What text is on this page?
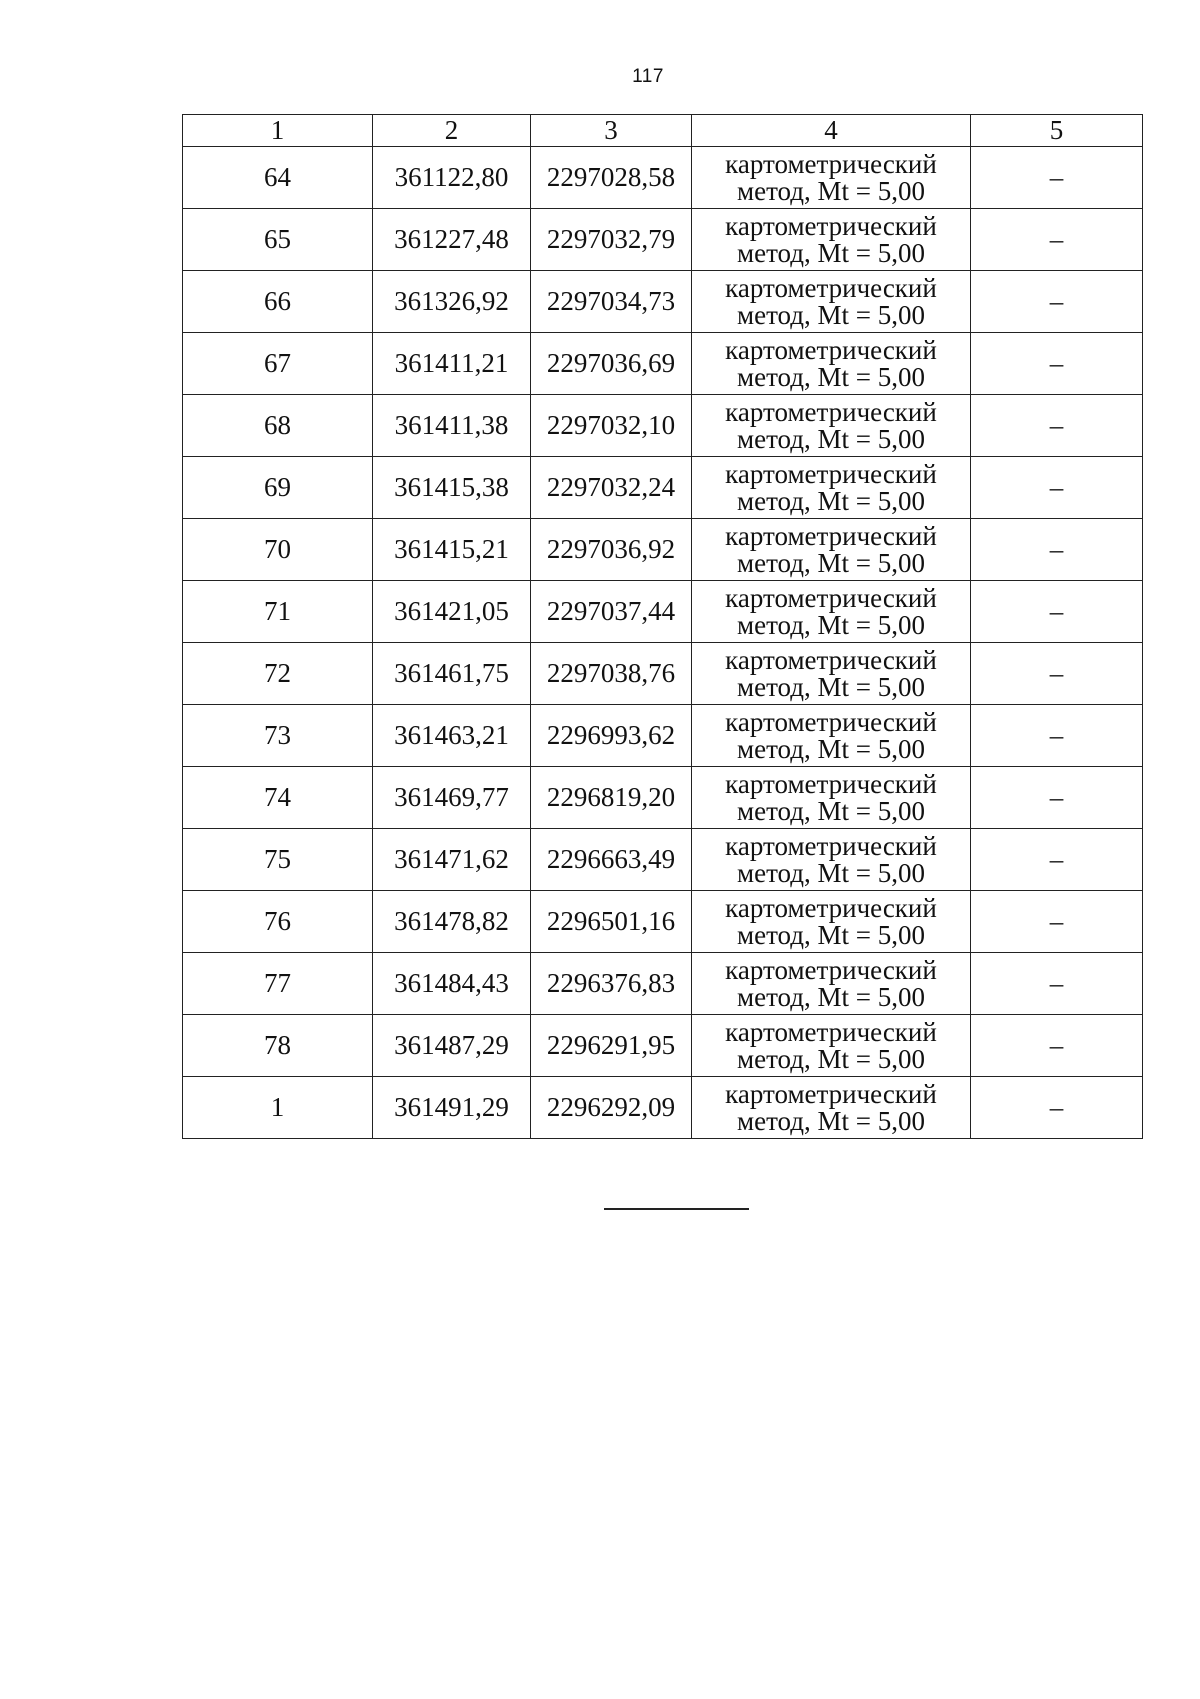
117
1	2	3	4	5
64	361122,80	2297028,58	картометрический
метод, Mt = 5,00	–
65	361227,48	2297032,79	картометрический
метод, Mt = 5,00	–
66	361326,92	2297034,73	картометрический
метод, Mt = 5,00	–
67	361411,21	2297036,69	картометрический
метод, Mt = 5,00	–
68	361411,38	2297032,10	картометрический
метод, Mt = 5,00	–
69	361415,38	2297032,24	картометрический
метод, Mt = 5,00	–
70	361415,21	2297036,92	картометрический
метод, Mt = 5,00	–
71	361421,05	2297037,44	картометрический
метод, Mt = 5,00	–
72	361461,75	2297038,76	картометрический
метод, Mt = 5,00	–
73	361463,21	2296993,62	картометрический
метод, Mt = 5,00	–
74	361469,77	2296819,20	картометрический
метод, Mt = 5,00	–
75	361471,62	2296663,49	картометрический
метод, Mt = 5,00	–
76	361478,82	2296501,16	картометрический
метод, Mt = 5,00	–
77	361484,43	2296376,83	картометрический
метод, Mt = 5,00	–
78	361487,29	2296291,95	картометрический
метод, Mt = 5,00	–
1	361491,29	2296292,09	картометрический
метод, Mt = 5,00	–
